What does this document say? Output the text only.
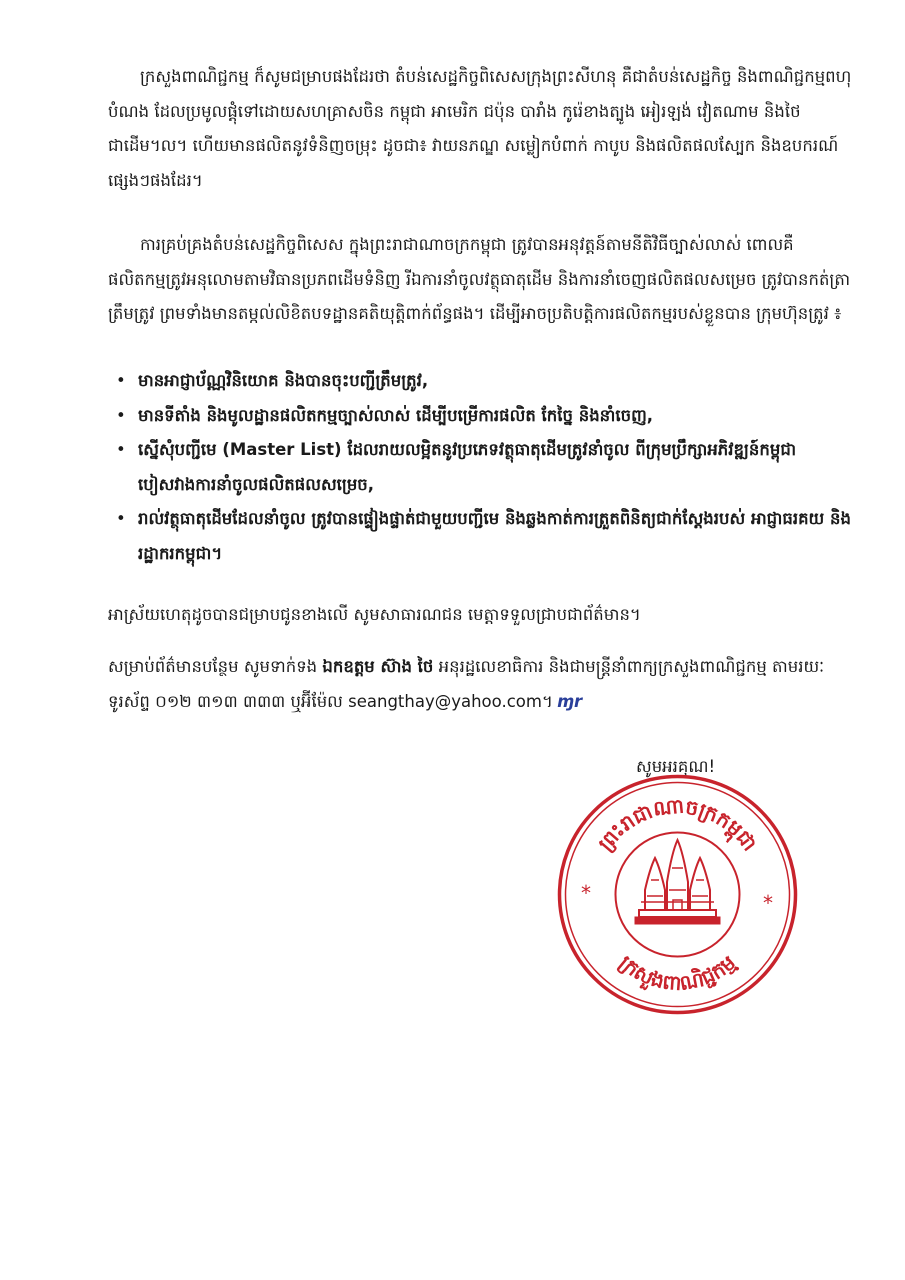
ក្រសួងពាណិជ្ជកម្ម ក៏សូមជម្រាបផងដែរថា តំបន់សេដ្ឋកិច្ចពិសេសក្រុងព្រះសីហនុ គឺជាតំបន់សេដ្ឋកិច្ច និងពាណិជ្ជកម្មពហុបំណង ដែលប្រមូលផ្តុំទៅដោយសហគ្រាសចិន កម្ពុជា អាមេរិក ជប៉ុន បារាំង កូរ៉េខាងត្បូង អៀរឡង់ វៀតណាម និងថៃ ជាដើម។ល។ ហើយមានផលិតនូវទំនិញចម្រុះ ដូចជា៖ វាយនភណ្ឌ សម្លៀកបំពាក់ កាបូប និងផលិតផលស្បែក និងឧបករណ៍ផ្សេងៗផងដែរ។

ការគ្រប់គ្រងតំបន់សេដ្ឋកិច្ចពិសេស ក្នុងព្រះរាជាណាចក្រកម្ពុជា ត្រូវបានអនុវត្តន៍តាមនីតិវិធីច្បាស់លាស់ ពោលគឺ ផលិតកម្មត្រូវអនុលោមតាមវិធានប្រភពដើមទំនិញ រីឯការនាំចូលវត្ថុធាតុដើម និងការនាំចេញផលិតផលសម្រេច ត្រូវបានកត់ត្រាត្រឹមត្រូវ ព្រមទាំងមានតម្កល់លិខិតបទដ្ឋានគតិយុត្តិពាក់ព័ន្ធផង។ ដើម្បីអាចប្រតិបត្តិការផលិតកម្មរបស់ខ្លួនបាន ក្រុមហ៊ុនត្រូវ ៖

• មានអាជ្ញាប័ណ្ណវិនិយោគ និងបានចុះបញ្ជីត្រឹមត្រូវ,
• មានទីតាំង និងមូលដ្ឋានផលិតកម្មច្បាស់លាស់ ដើម្បីបម្រើការផលិត កែច្នៃ និងនាំចេញ,
• ស្នើសុំបញ្ជីមេ (Master List) ដែលរាយលម្អិតនូវប្រភេទវត្ថុធាតុដើមត្រូវនាំចូល ពីក្រុមប្រឹក្សាអភិវឌ្ឍន៍កម្ពុជា បៀសវាងការនាំចូលផលិតផលសម្រេច,
• រាល់វត្ថុធាតុដើមដែលនាំចូល ត្រូវបានផ្ទៀងផ្ទាត់ជាមួយបញ្ជីមេ និងឆ្លងកាត់ការត្រួតពិនិត្យជាក់ស្តែងរបស់ អាជ្ញាធរគយ និងរដ្ឋាករកម្ពុជា។

អាស្រ័យហេតុដូចបានជម្រាបជូនខាងលើ សូមសាធារណជន មេត្តាទទួលជ្រាបជាព័ត៌មាន។

សម្រាប់ព័ត៌មានបន្ថែម សូមទាក់ទង ឯកឧត្តម ស៊ាង ថៃ អនុរដ្ឋលេខាធិការ និងជាមន្ត្រីនាំពាក្យក្រសួងពាណិជ្ជកម្ម តាមរយៈទូរស័ព្ទ ០១២ ៣១៣ ៣៣៣ ឬអ៊ីម៉ែល seangthay@yahoo.com។ ɱr

សូមអរគុណ!
ព្រះរាជាណាចក្រកម្ពុជា
ក្រសួងពាណិជ្ជកម្ម
*	*
